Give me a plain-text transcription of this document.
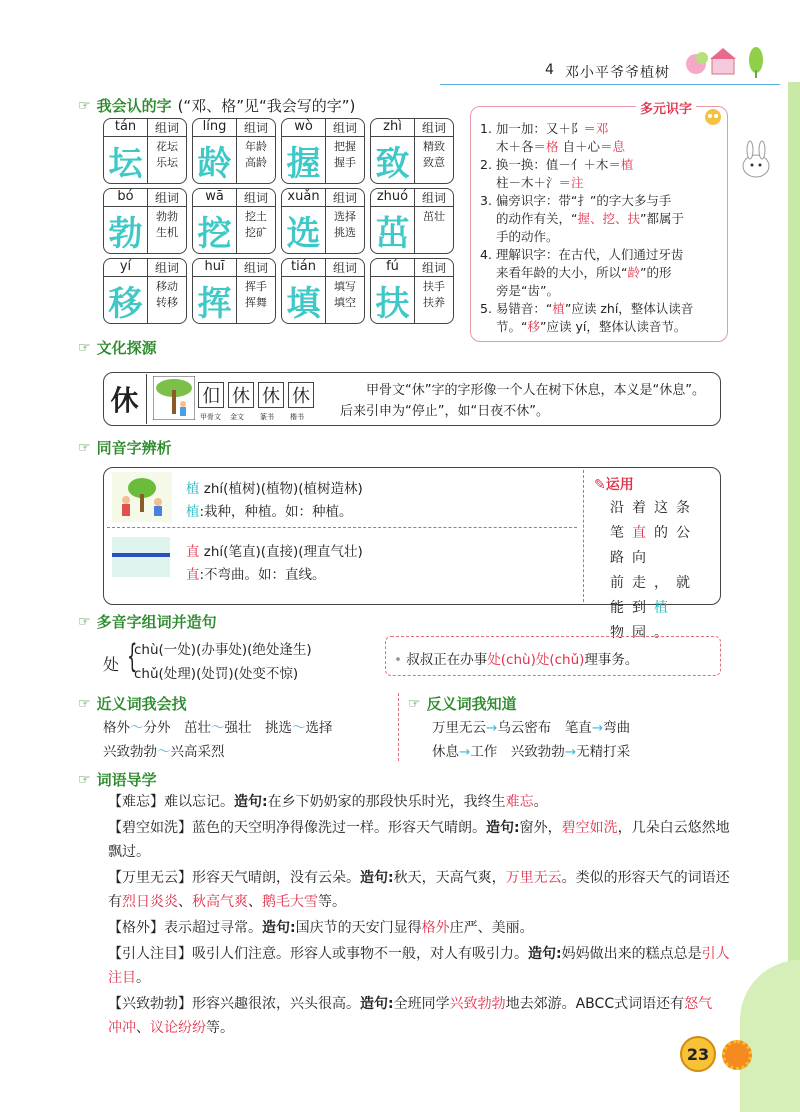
4 邓小平爷爷植树
☞ 我会认的字 (“邓、格”见“我会写的字”)
tán	组词
坛	花坛
乐坛
líng	组词
龄	年龄
高龄
wò	组词
握	把握
握手
zhì	组词
致	精致
致意
bó	组词
勃	勃勃
生机
wā	组词
挖	挖土
挖矿
xuǎn	组词
选	选择
挑选
zhuó	组词
茁	茁壮
yí	组词
移	移动
转移
huī	组词
挥	挥手
挥舞
tián	组词
填	填写
填空
fú	组词
扶	扶手
扶养
多元识字
1. 加一加：又＋阝＝邓
木＋各＝格 自＋心＝息
2. 换一换：值－亻＋木＝植
柱－木＋氵＝注
3. 偏旁识字：带“扌”的字大多与手
的动作有关，“握、挖、扶”都属于
手的动作。
4. 理解识字：在古代，人们通过牙齿
来看年龄的大小，所以“龄”的形
旁是“齿”。
5. 易错音：“植”应读 zhí，整体认读音
节。“移”应读 yí，整体认读音节。
☞ 文化探源
休	㐰
甲骨文
休
金文
休
篆书
休
楷书
甲骨文“休”字的字形像一个人在树下休息，本义是“休息”。后来引申为“停止”，如“日夜不休”。
☞ 同音字辨析
植 zhí(植树)(植物)(植树造林)
植:栽种，种植。如：种植。
直 zhí(笔直)(直接)(理直气壮)
直:不弯曲。如：直线。
✎运用
沿着这条
笔直的公路向
前走，就能到植
物园。
☞ 多音字组词并造句
处 {
chù(一处)(办事处)(绝处逢生)
chǔ(处理)(处罚)(处变不惊)
• 叔叔正在办事处(chù)处(chǔ)理事务。
☞ 近义词我会找
格外～分外　 茁壮～强壮　 挑选～选择
兴致勃勃～兴高采烈
☞ 反义词我知道
万里无云→乌云密布　 笔直→弯曲
休息→工作　 兴致勃勃→无精打采
☞ 词语导学
【难忘】难以忘记。造句:在乡下奶奶家的那段快乐时光，我终生难忘。
【碧空如洗】蓝色的天空明净得像洗过一样。形容天气晴朗。造句:窗外，碧空如洗，几朵白云悠然地飘过。
【万里无云】形容天气晴朗，没有云朵。造句:秋天，天高气爽，万里无云。类似的形容天气的词语还有烈日炎炎、秋高气爽、鹅毛大雪等。
【格外】表示超过寻常。造句:国庆节的天安门显得格外庄严、美丽。
【引人注目】吸引人们注意。形容人或事物不一般，对人有吸引力。造句:妈妈做出来的糕点总是引人注目。
【兴致勃勃】形容兴趣很浓，兴头很高。造句:全班同学兴致勃勃地去郊游。ABCC式词语还有怒气冲冲、议论纷纷等。
23
